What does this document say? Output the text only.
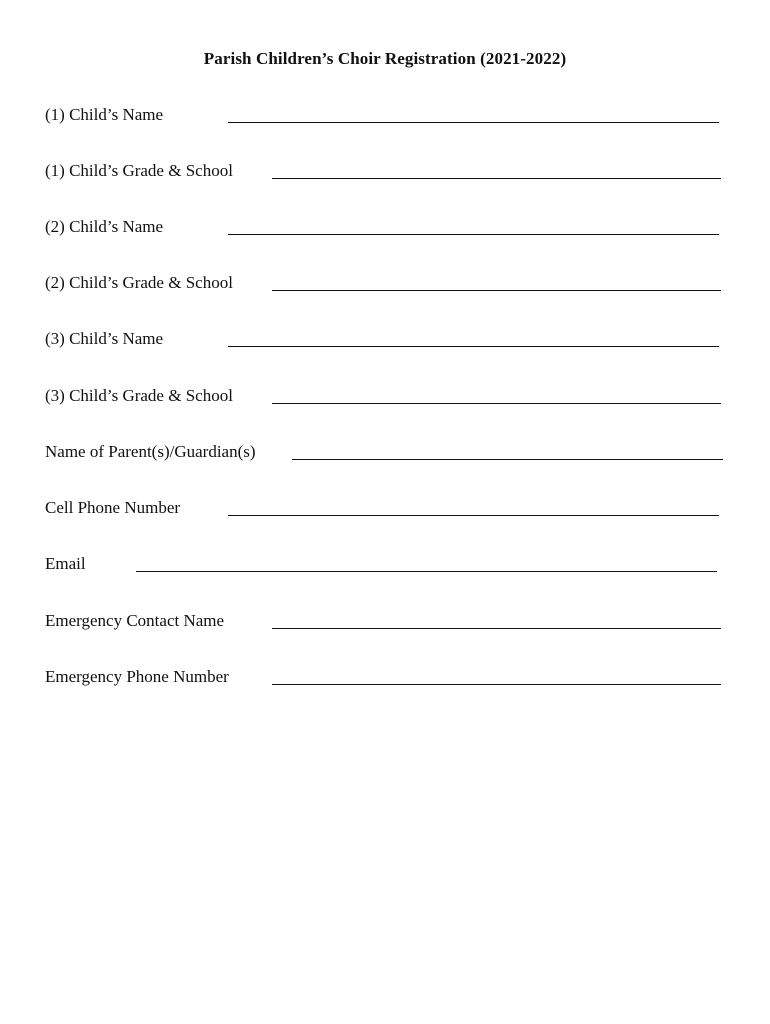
Parish Children’s Choir Registration (2021-2022)
(1) Child’s Name
(1) Child’s Grade & School
(2) Child’s Name
(2) Child’s Grade & School
(3) Child’s Name
(3) Child’s Grade & School
Name of Parent(s)/Guardian(s)
Cell Phone Number
Email
Emergency Contact Name
Emergency Phone Number
